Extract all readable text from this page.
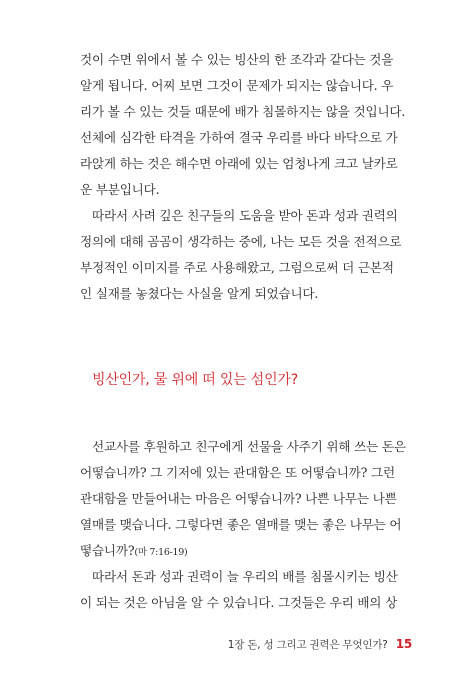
것이 수면 위에서 볼 수 있는 빙산의 한 조각과 같다는 것을
알게 됩니다. 어찌 보면 그것이 문제가 되지는 않습니다. 우
리가 볼 수 있는 것들 때문에 배가 침몰하지는 않을 것입니다.
선체에 심각한 타격을 가하여 결국 우리를 바다 바닥으로 가
라앉게 하는 것은 해수면 아래에 있는 엄청나게 크고 날카로
운 부분입니다.
따라서 사려 깊은 친구들의 도움을 받아 돈과 성과 권력의
정의에 대해 곰곰이 생각하는 중에, 나는 모든 것을 전적으로
부정적인 이미지를 주로 사용해왔고, 그럼으로써 더 근본적
인 실재를 놓쳤다는 사실을 알게 되었습니다.
빙산인가, 물 위에 떠 있는 섬인가?
선교사를 후원하고 친구에게 선물을 사주기 위해 쓰는 돈은
어떻습니까? 그 기저에 있는 관대함은 또 어떻습니까? 그런
관대함을 만들어내는 마음은 어떻습니까? 나쁜 나무는 나쁜
열매를 맺습니다. 그렇다면 좋은 열매를 맺는 좋은 나무는 어
떻습니까?(마 7:16-19)
따라서 돈과 성과 권력이 늘 우리의 배를 침몰시키는 빙산
이 되는 것은 아님을 알 수 있습니다. 그것들은 우리 배의 상
1장 돈, 성 그리고 권력은 무엇인가? 15
